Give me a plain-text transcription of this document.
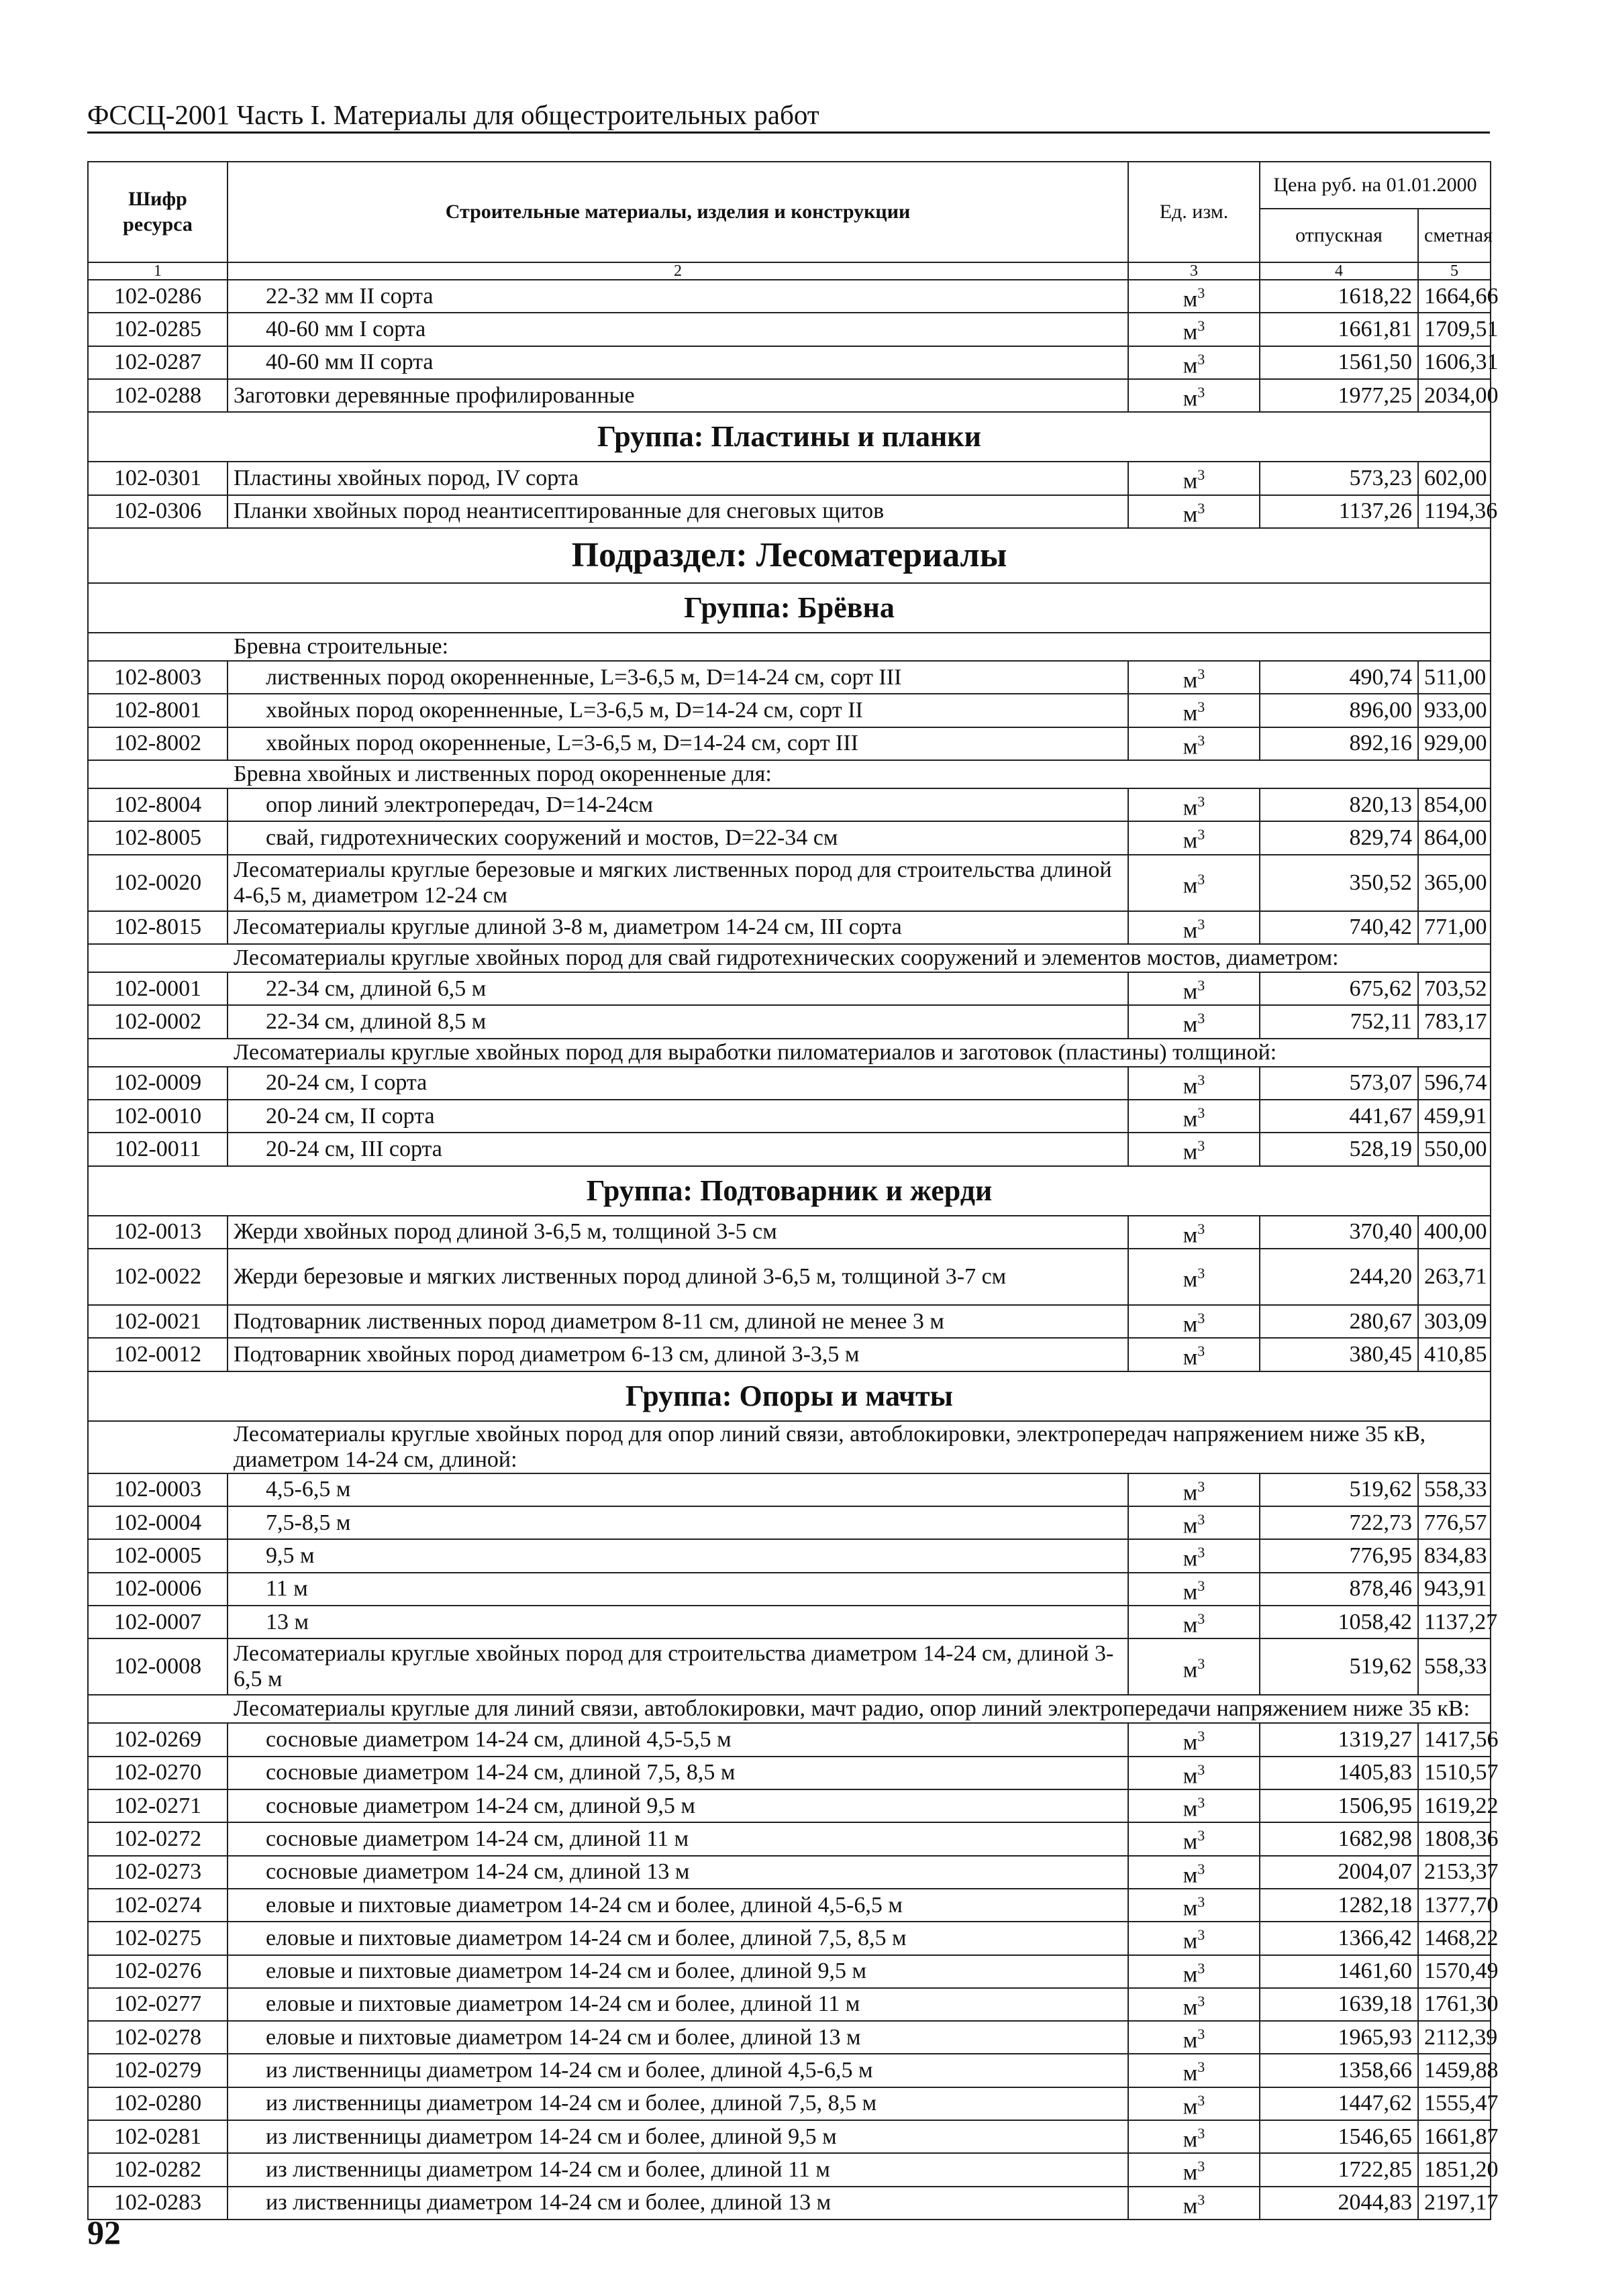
ФССЦ-2001 Часть I. Материалы для общестроительных работ
Шифр ресурса	Строительные материалы, изделия и конструкции	Ед. изм.	Цена руб. на 01.01.2000	
			отпускная	сметная
1	2	3	4	5
102-0286	22-32 мм II сорта	$м^3$	1618,22	1664,66
102-0285	40-60 мм I сорта	$м^3$	1661,81	1709,51
102-0287	40-60 мм II сорта	$м^3$	1561,50	1606,31
102-0288	Заготовки деревянные профилированные	$м^3$	1977,25	2034,00
Группа: Пластины и планки				
102-0301	Пластины хвойных пород, IV сорта	$м^3$	573,23	602,00
102-0306	Планки хвойных пород неантисептированные для снеговых щитов	$м^3$	1137,26	1194,36
Подраздел: Лесоматериалы				
Группа: Брёвна				
Бревна строительные:				
102-8003	лиственных пород окоренненные, L=3-6,5 м, D=14-24 см, сорт III	$м^3$	490,74	511,00
102-8001	хвойных пород окоренненные, L=3-6,5 м, D=14-24 см, сорт II	$м^3$	896,00	933,00
102-8002	хвойных пород окоренненые, L=3-6,5 м, D=14-24 см, сорт III	$м^3$	892,16	929,00
Бревна хвойных и лиственных пород окоренненые для:				
102-8004	опор линий электропередач, D=14-24см	$м^3$	820,13	854,00
102-8005	свай, гидротехнических сооружений и мостов, D=22-34 см	$м^3$	829,74	864,00
102-0020	Лесоматериалы круглые березовые и мягких лиственных пород для строительства длиной 4-6,5 м, диаметром 12-24 см	$м^3$	350,52	365,00
102-8015	Лесоматериалы круглые длиной 3-8 м, диаметром 14-24 см, III сорта	$м^3$	740,42	771,00
Лесоматериалы круглые хвойных пород для свай гидротехнических сооружений и элементов мостов, диаметром:				
102-0001	22-34 см, длиной 6,5 м	$м^3$	675,62	703,52
102-0002	22-34 см, длиной 8,5 м	$м^3$	752,11	783,17
Лесоматериалы круглые хвойных пород для выработки пиломатериалов и заготовок (пластины) толщиной:				
102-0009	20-24 см, I сорта	$м^3$	573,07	596,74
102-0010	20-24 см, II сорта	$м^3$	441,67	459,91
102-0011	20-24 см, III сорта	$м^3$	528,19	550,00
Группа: Подтоварник и жерди				
102-0013	Жерди хвойных пород длиной 3-6,5 м, толщиной 3-5 см	$м^3$	370,40	400,00
102-0022	Жерди березовые и мягких лиственных пород длиной 3-6,5 м, толщиной 3-7 см	$м^3$	244,20	263,71
102-0021	Подтоварник лиственных пород диаметром 8-11 см, длиной не менее 3 м	$м^3$	280,67	303,09
102-0012	Подтоварник хвойных пород диаметром 6-13 см, длиной 3-3,5 м	$м^3$	380,45	410,85
Группа: Опоры и мачты				
Лесоматериалы круглые хвойных пород для опор линий связи, автоблокировки, электропередач напряжением ниже 35 кВ, диаметром 14-24 см, длиной:				
102-0003	4,5-6,5 м	$м^3$	519,62	558,33
102-0004	7,5-8,5 м	$м^3$	722,73	776,57
102-0005	9,5 м	$м^3$	776,95	834,83
102-0006	11 м	$м^3$	878,46	943,91
102-0007	13 м	$м^3$	1058,42	1137,27
102-0008	Лесоматериалы круглые хвойных пород для строительства диаметром 14-24 см, длиной 3-6,5 м	$м^3$	519,62	558,33
Лесоматериалы круглые для линий связи, автоблокировки, мачт радио, опор линий электропередачи напряжением ниже 35 кВ:				
102-0269	сосновые диаметром 14-24 см, длиной 4,5-5,5 м	$м^3$	1319,27	1417,56
102-0270	сосновые диаметром 14-24 см, длиной 7,5, 8,5 м	$м^3$	1405,83	1510,57
102-0271	сосновые диаметром 14-24 см, длиной 9,5 м	$м^3$	1506,95	1619,22
102-0272	сосновые диаметром 14-24 см, длиной 11 м	$м^3$	1682,98	1808,36
102-0273	сосновые диаметром 14-24 см, длиной 13 м	$м^3$	2004,07	2153,37
102-0274	еловые и пихтовые диаметром 14-24 см и более, длиной 4,5-6,5 м	$м^3$	1282,18	1377,70
102-0275	еловые и пихтовые диаметром 14-24 см и более, длиной 7,5, 8,5 м	$м^3$	1366,42	1468,22
102-0276	еловые и пихтовые диаметром 14-24 см и более, длиной 9,5 м	$м^3$	1461,60	1570,49
102-0277	еловые и пихтовые диаметром 14-24 см и более, длиной 11 м	$м^3$	1639,18	1761,30
102-0278	еловые и пихтовые диаметром 14-24 см и более, длиной 13 м	$м^3$	1965,93	2112,39
102-0279	из лиственницы диаметром 14-24 см и более, длиной 4,5-6,5 м	$м^3$	1358,66	1459,88
102-0280	из лиственницы диаметром 14-24 см и более, длиной 7,5, 8,5 м	$м^3$	1447,62	1555,47
102-0281	из лиственницы диаметром 14-24 см и более, длиной 9,5 м	$м^3$	1546,65	1661,87
102-0282	из лиственницы диаметром 14-24 см и более, длиной 11 м	$м^3$	1722,85	1851,20
102-0283	из лиственницы диаметром 14-24 см и более, длиной 13 м	$м^3$	2044,83	2197,17
92
